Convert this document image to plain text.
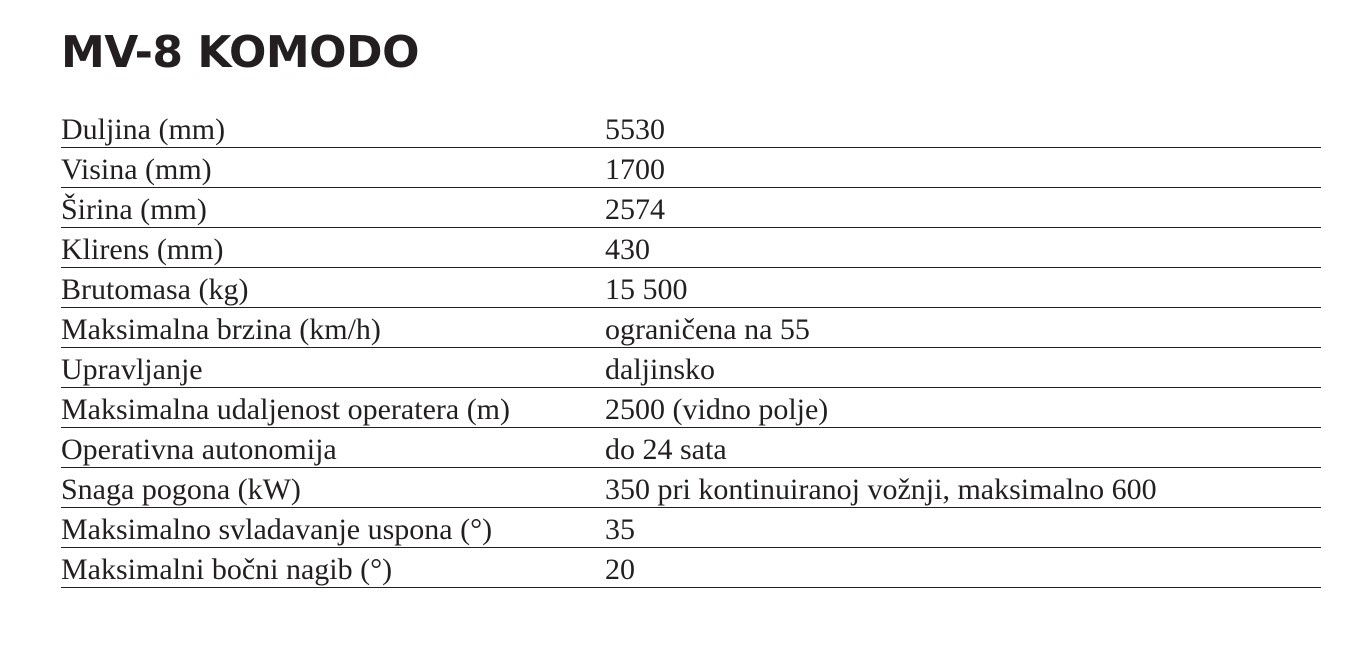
MV-8 KOMODO
Duljina (mm)	5530
Visina (mm)	1700
Širina (mm)	2574
Klirens (mm)	430
Brutomasa (kg)	15 500
Maksimalna brzina (km/h)	ograničena na 55
Upravljanje	daljinsko
Maksimalna udaljenost operatera (m)	2500 (vidno polje)
Operativna autonomija	do 24 sata
Snaga pogona (kW)	350 pri kontinuiranoj vožnji, maksimalno 600
Maksimalno svladavanje uspona (°)	35
Maksimalni bočni nagib (°)	20
